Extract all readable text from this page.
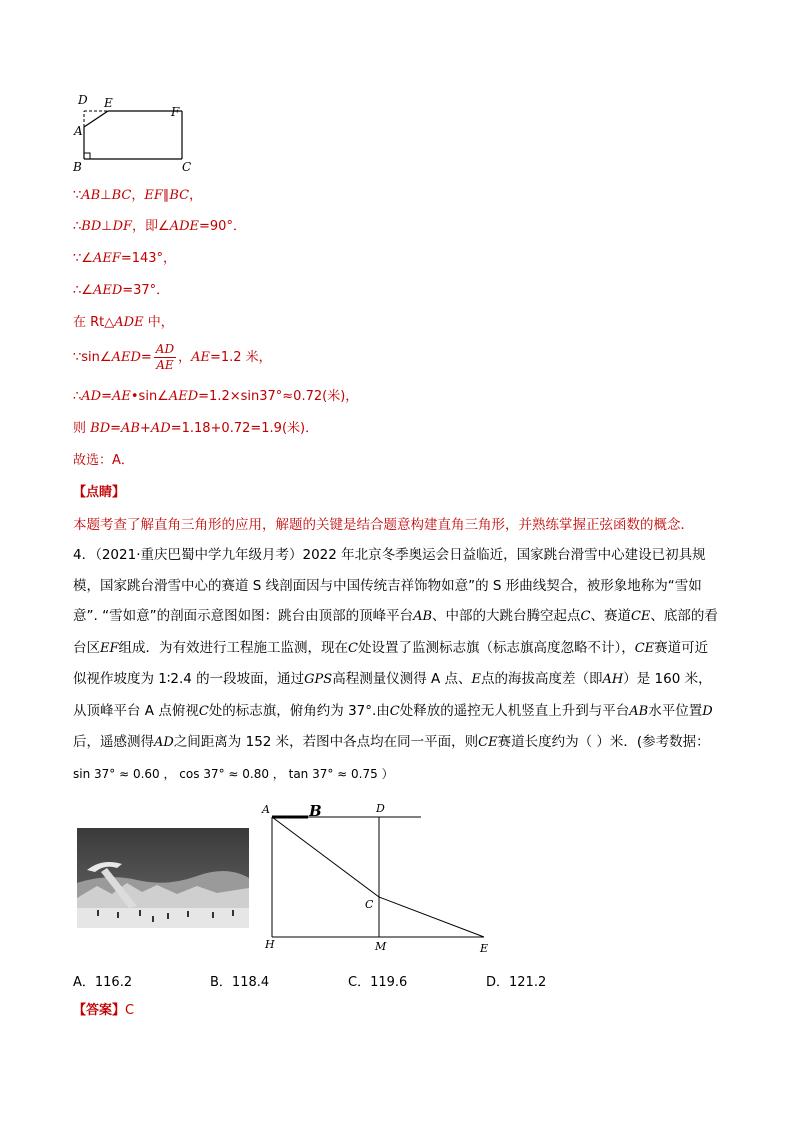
D E
F
A
B	C
∵AB⊥BC，EF∥BC，
∴BD⊥DF，即∠ADE=90°．
∵∠AEF=143°，
∴∠AED=37°．
在 Rt△ADE 中，
∵sin∠AED= $\frac{AD}{AE}$ ，AE=1.2 米，
∴AD=AE•sin∠AED=1.2×sin37°≈0.72(米)，
则 BD=AB+AD=1.18+0.72=1.9(米)．
故选：A．
【点睛】
本题考查了解直角三角形的应用，解题的关键是结合题意构建直角三角形，并熟练掌握正弦函数的概念．
4．（2021·重庆巴蜀中学九年级月考）2022 年北京冬季奥运会日益临近，国家跳台滑雪中心建设已初具规模，国家跳台滑雪中心的赛道 S 线剖面因与中国传统吉祥饰物如意”的 S 形曲线契合，被形象地称为“雪如意”. “雪如意”的剖面示意图如图：跳台由顶部的顶峰平台AB、中部的大跳台腾空起点C、赛道CE、底部的看台区EF组成．为有效进行工程施工监测，现在C处设置了监测标志旗（标志旗高度忽略不计），CE赛道可近似视作坡度为 1∶2.4 的一段坡面，通过GPS高程测量仪测得 A 点、E点的海拔高度差（即AH）是 160 米，从顶峰平台 A 点俯视C处的标志旗，俯角约为 37°.由C处释放的遥控无人机竖直上升到与平台AB水平位置D后，遥感测得AD之间距离为 152 米，若图中各点均在同一平面，则CE赛道长度约为（ ）米．(参考数据：
sin 37° ≈ 0.60 ， cos 37° ≈ 0.80 ， tan 37° ≈ 0.75 ）
A	B	D
C
H	M	E
A．116.2	B．118.4	C．119.6	D．121.2
【答案】C
